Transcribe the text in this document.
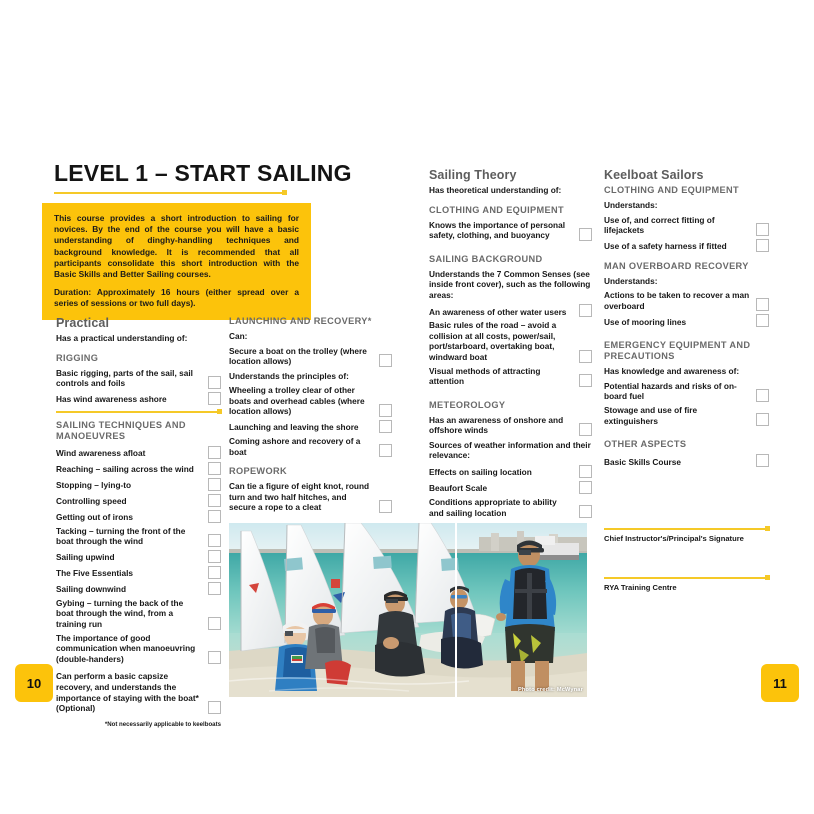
10	11
LEVEL 1 – START SAILING

This course provides a short introduction to sailing for novices. By the end of the course you will have a basic understanding of dinghy-handling techniques and background knowledge. It is recommended that all participants consolidate this short introduction with the Basic Skills and Better Sailing courses.

Duration: Approximately 16 hours (either spread over a series of sessions or two full days).

Practical
Has a practical understanding of:
RIGGING
Basic rigging, parts of the sail, sail controls and foils
Has wind awareness ashore
SAILING TECHNIQUES AND MANOEUVRES
Wind awareness afloat
Reaching – sailing across the wind
Stopping – lying-to
Controlling speed
Getting out of irons
Tacking – turning the front of the boat through the wind
Sailing upwind
The Five Essentials
Sailing downwind
Gybing – turning the back of the boat through the wind, from a training run
The importance of good communication when manoeuvring (double-handers)
Can perform a basic capsize recovery, and understands the importance of staying with the boat* (Optional)
*Not necessarily applicable to keelboats
LAUNCHING AND RECOVERY*
Can:
Secure a boat on the trolley (where location allows)
Understands the principles of:
Wheeling a trolley clear of other boats and overhead cables (where location allows)
Launching and leaving the shore
Coming ashore and recovery of a boat
ROPEWORK
Can tie a figure of eight knot, round turn and two half hitches, and secure a rope to a cleat
Sailing Theory
Has theoretical understanding of:
CLOTHING AND EQUIPMENT
Knows the importance of personal safety, clothing, and buoyancy
SAILING BACKGROUND
Understands the 7 Common Senses (see inside front cover), such as the following areas:
An awareness of other water users
Basic rules of the road – avoid a collision at all costs, power/sail, port/starboard, overtaking boat, windward boat
Visual methods of attracting attention
METEOROLOGY
Has an awareness of onshore and offshore winds
Sources of weather information and their relevance:
Effects on sailing location
Beaufort Scale
Conditions appropriate to ability and sailing location
Keelboat Sailors
CLOTHING AND EQUIPMENT
Understands:
Use of, and correct fitting of lifejackets
Use of a safety harness if fitted
MAN OVERBOARD RECOVERY
Understands:
Actions to be taken to recover a man overboard
Use of mooring lines
EMERGENCY EQUIPMENT AND PRECAUTIONS
Has knowledge and awareness of:
Potential hazards and risks of on-board fuel
Stowage and use of fire extinguishers
OTHER ASPECTS
Basic Skills Course
Chief Instructor's/Principal's Signature
RYA Training Centre
Photo credit: McWynar
